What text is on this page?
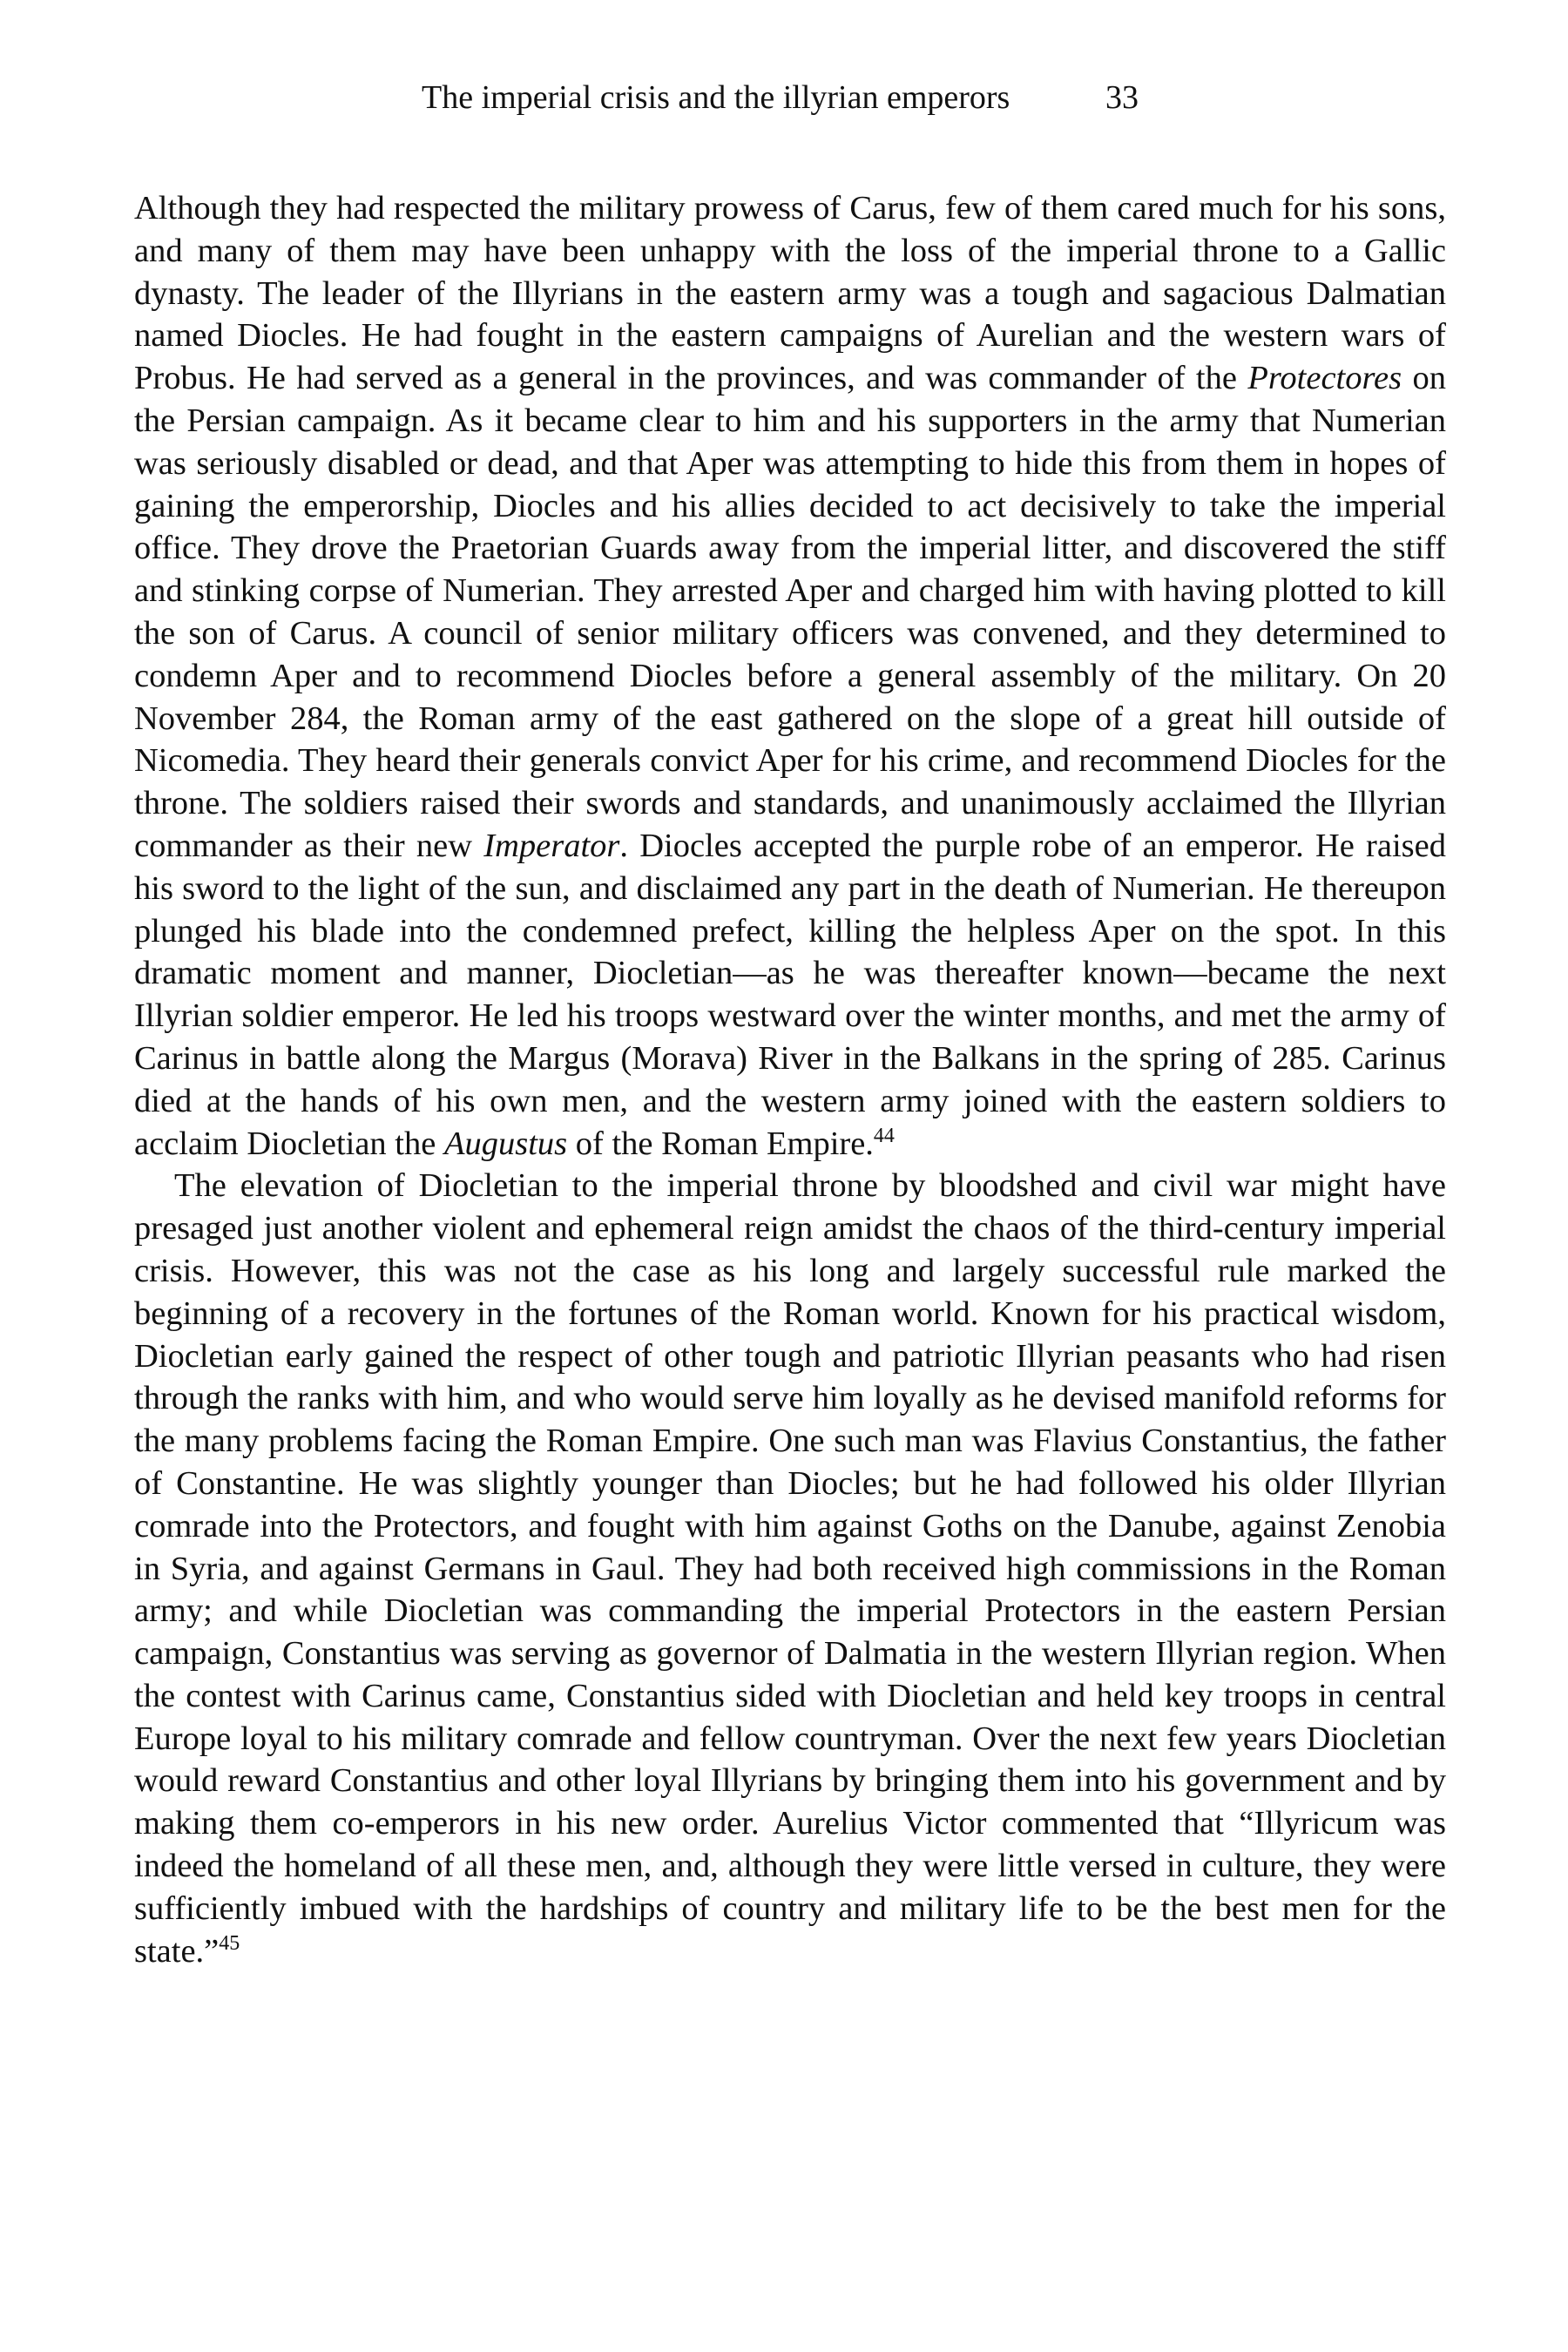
The imperial crisis and the illyrian emperors	33

Although they had respected the military prowess of Carus, few of them cared much for his sons, and many of them may have been unhappy with the loss of the imperial throne to a Gallic dynasty. The leader of the Illyrians in the eastern army was a tough and sagacious Dalmatian named Diocles. He had fought in the eastern campaigns of Aurelian and the western wars of Probus. He had served as a general in the provinces, and was commander of the Protectores on the Persian campaign. As it became clear to him and his supporters in the army that Numerian was seriously disabled or dead, and that Aper was attempting to hide this from them in hopes of gaining the emperorship, Diocles and his allies decided to act decisively to take the imperial office. They drove the Praetorian Guards away from the imperial litter, and discovered the stiff and stinking corpse of Numerian. They arrested Aper and charged him with having plotted to kill the son of Carus. A council of senior military officers was convened, and they determined to condemn Aper and to recommend Diocles before a general assembly of the military. On 20 November 284, the Roman army of the east gathered on the slope of a great hill outside of Nicomedia. They heard their generals convict Aper for his crime, and recommend Diocles for the throne. The soldiers raised their swords and standards, and unanimously acclaimed the Illyrian commander as their new Imperator. Diocles accepted the purple robe of an emperor. He raised his sword to the light of the sun, and disclaimed any part in the death of Numerian. He thereupon plunged his blade into the condemned prefect, killing the helpless Aper on the spot. In this dramatic moment and manner, Diocletian—as he was thereafter known—became the next Illyrian soldier emperor. He led his troops westward over the winter months, and met the army of Carinus in battle along the Margus (Morava) River in the Balkans in the spring of 285. Carinus died at the hands of his own men, and the western army joined with the eastern soldiers to acclaim Diocletian the Augustus of the Roman Empire.$^{44}$

The elevation of Diocletian to the imperial throne by bloodshed and civil war might have presaged just another violent and ephemeral reign amidst the chaos of the third-century imperial crisis. However, this was not the case as his long and largely successful rule marked the beginning of a recovery in the fortunes of the Roman world. Known for his practical wisdom, Diocletian early gained the respect of other tough and patriotic Illyrian peasants who had risen through the ranks with him, and who would serve him loyally as he devised manifold reforms for the many problems facing the Roman Empire. One such man was Flavius Constantius, the father of Constantine. He was slightly younger than Diocles; but he had followed his older Illyrian comrade into the Protectors, and fought with him against Goths on the Danube, against Zenobia in Syria, and against Germans in Gaul. They had both received high commissions in the Roman army; and while Diocletian was commanding the imperial Protectors in the eastern Persian campaign, Constantius was serving as governor of Dalmatia in the western Illyrian region. When the contest with Carinus came, Constantius sided with Diocletian and held key troops in central Europe loyal to his military comrade and fellow countryman. Over the next few years Diocletian would reward Constantius and other loyal Illyrians by bringing them into his government and by making them co-emperors in his new order. Aurelius Victor commented that “Illyricum was indeed the homeland of all these men, and, although they were little versed in culture, they were sufficiently imbued with the hardships of country and military life to be the best men for the state.”$^{45}$
